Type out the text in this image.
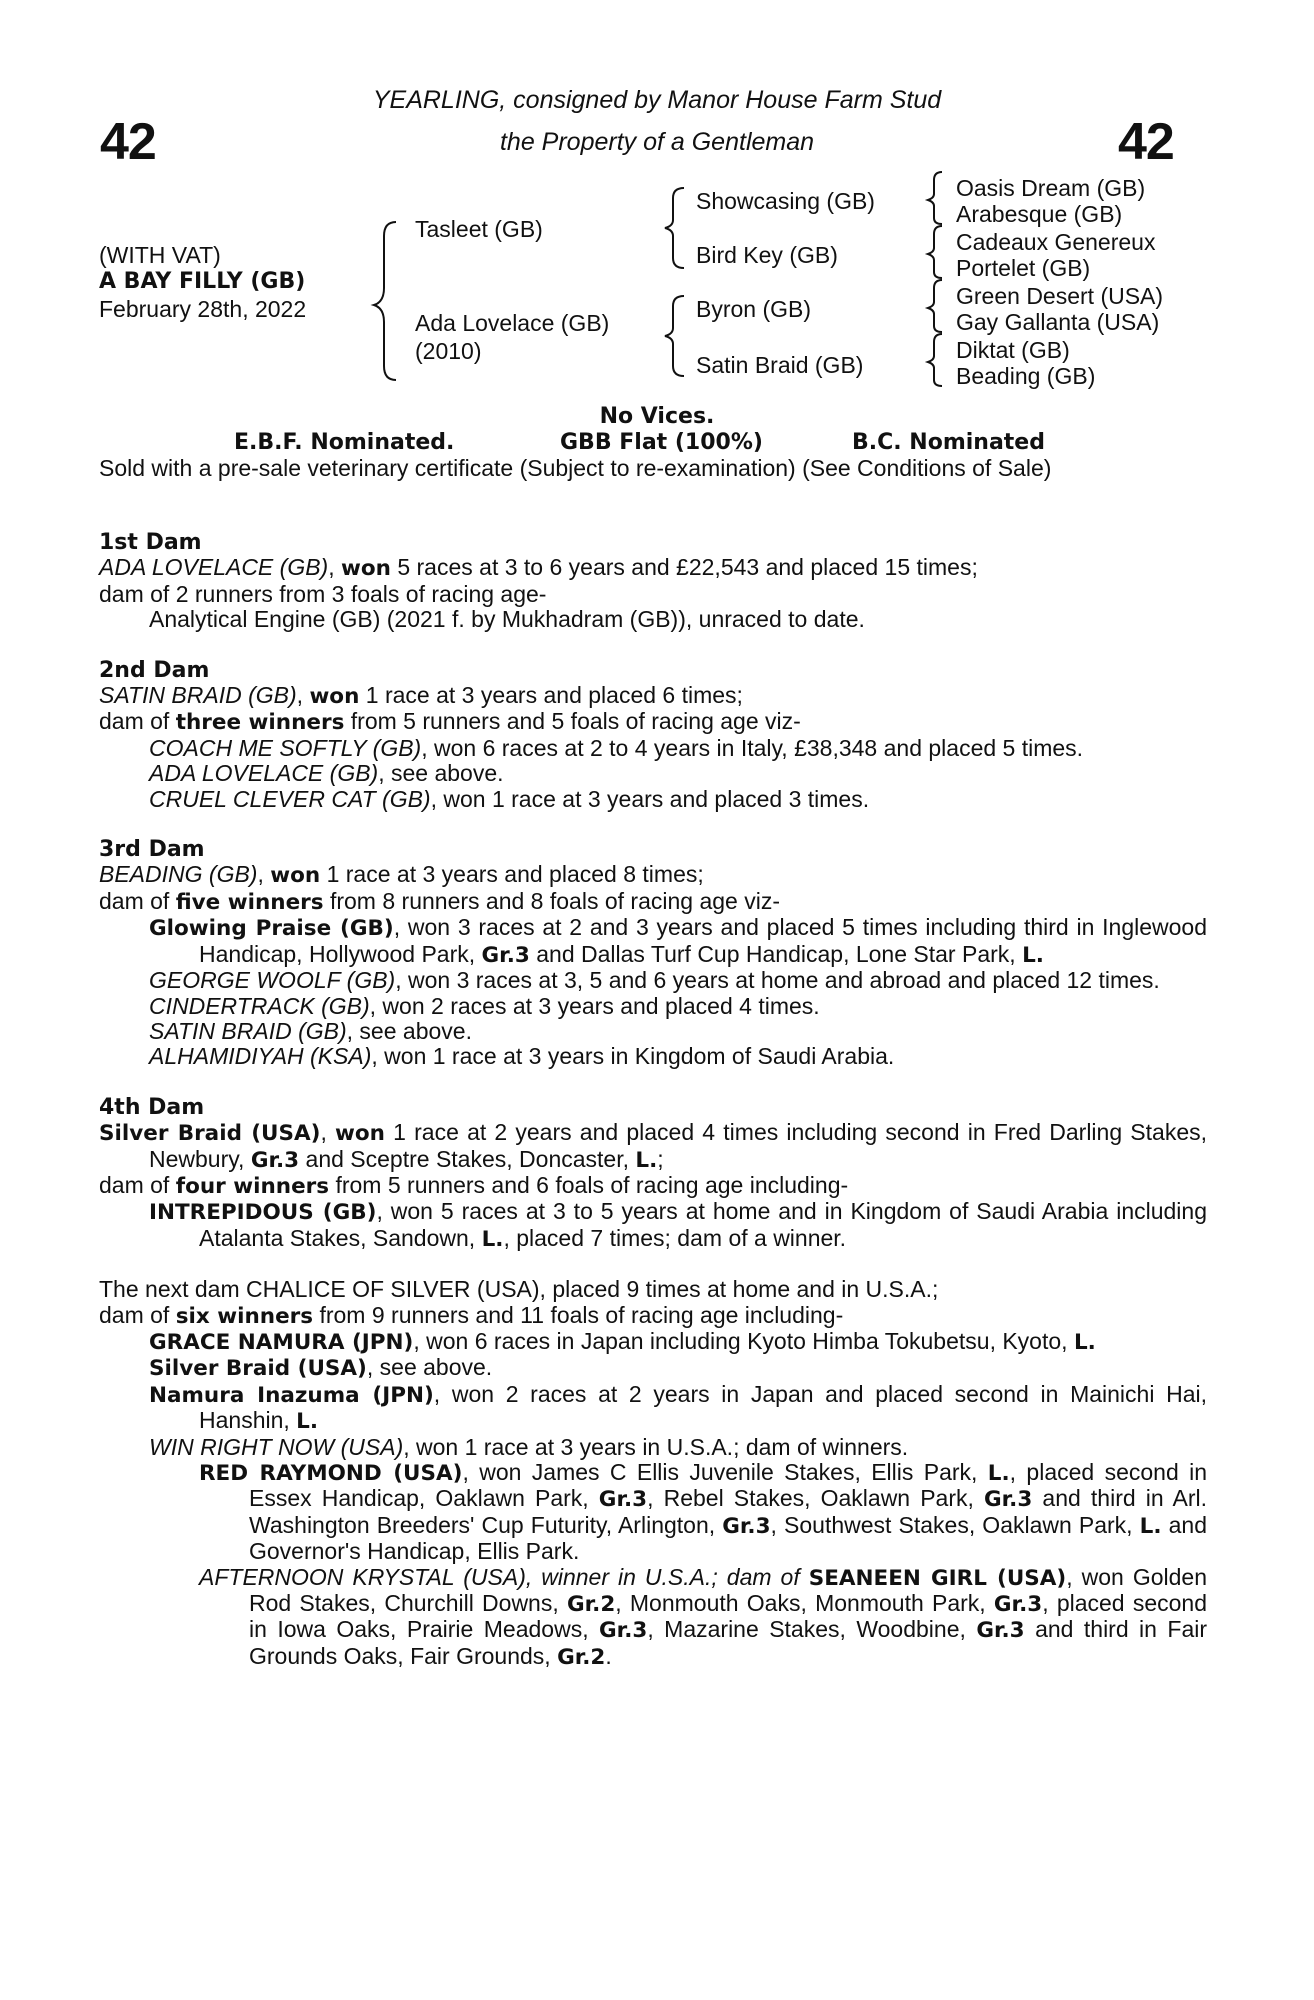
42	42
YEARLING, consigned by Manor House Farm Stud
the Property of a Gentleman
(WITH VAT)
A BAY FILLY (GB)
February 28th, 2022
Tasleet (GB)
Ada Lovelace (GB)
(2010)
Showcasing (GB)
Bird Key (GB)
Byron (GB)
Satin Braid (GB)
Oasis Dream (GB)
Arabesque (GB)
Cadeaux Genereux
Portelet (GB)
Green Desert (USA)
Gay Gallanta (USA)
Diktat (GB)
Beading (GB)
No Vices.
E.B.F. Nominated.	GBB Flat (100%)	B.C. Nominated
Sold with a pre-sale veterinary certificate (Subject to re-examination) (See Conditions of Sale)

1st Dam

ADA LOVELACE (GB), won 5 races at 3 to 6 years and £22,543 and placed 15 times;

dam of 2 runners from 3 foals of racing age-

Analytical Engine (GB) (2021 f. by Mukhadram (GB)), unraced to date.

2nd Dam

SATIN BRAID (GB), won 1 race at 3 years and placed 6 times;

dam of three winners from 5 runners and 5 foals of racing age viz-

COACH ME SOFTLY (GB), won 6 races at 2 to 4 years in Italy, £38,348 and placed 5 times.

ADA LOVELACE (GB), see above.

CRUEL CLEVER CAT (GB), won 1 race at 3 years and placed 3 times.

3rd Dam

BEADING (GB), won 1 race at 3 years and placed 8 times;

dam of five winners from 8 runners and 8 foals of racing age viz-

Glowing Praise (GB), won 3 races at 2 and 3 years and placed 5 times including third in Inglewood Handicap, Hollywood Park, Gr.3 and Dallas Turf Cup Handicap, Lone Star Park, L.

GEORGE WOOLF (GB), won 3 races at 3, 5 and 6 years at home and abroad and placed 12 times.

CINDERTRACK (GB), won 2 races at 3 years and placed 4 times.

SATIN BRAID (GB), see above.

ALHAMIDIYAH (KSA), won 1 race at 3 years in Kingdom of Saudi Arabia.

4th Dam

Silver Braid (USA), won 1 race at 2 years and placed 4 times including second in Fred Darling Stakes, Newbury, Gr.3 and Sceptre Stakes, Doncaster, L.;

dam of four winners from 5 runners and 6 foals of racing age including-

INTREPIDOUS (GB), won 5 races at 3 to 5 years at home and in Kingdom of Saudi Arabia including Atalanta Stakes, Sandown, L., placed 7 times; dam of a winner.

The next dam CHALICE OF SILVER (USA), placed 9 times at home and in U.S.A.;

dam of six winners from 9 runners and 11 foals of racing age including-

GRACE NAMURA (JPN), won 6 races in Japan including Kyoto Himba Tokubetsu, Kyoto, L.

Silver Braid (USA), see above.

Namura Inazuma (JPN), won 2 races at 2 years in Japan and placed second in Mainichi Hai, Hanshin, L.

WIN RIGHT NOW (USA), won 1 race at 3 years in U.S.A.; dam of winners.

RED RAYMOND (USA), won James C Ellis Juvenile Stakes, Ellis Park, L., placed second in Essex Handicap, Oaklawn Park, Gr.3, Rebel Stakes, Oaklawn Park, Gr.3 and third in Arl. Washington Breeders' Cup Futurity, Arlington, Gr.3, Southwest Stakes, Oaklawn Park, L. and Governor's Handicap, Ellis Park.

AFTERNOON KRYSTAL (USA), winner in U.S.A.; dam of SEANEEN GIRL (USA), won Golden Rod Stakes, Churchill Downs, Gr.2, Monmouth Oaks, Monmouth Park, Gr.3, placed second in Iowa Oaks, Prairie Meadows, Gr.3, Mazarine Stakes, Woodbine, Gr.3 and third in Fair Grounds Oaks, Fair Grounds, Gr.2.
